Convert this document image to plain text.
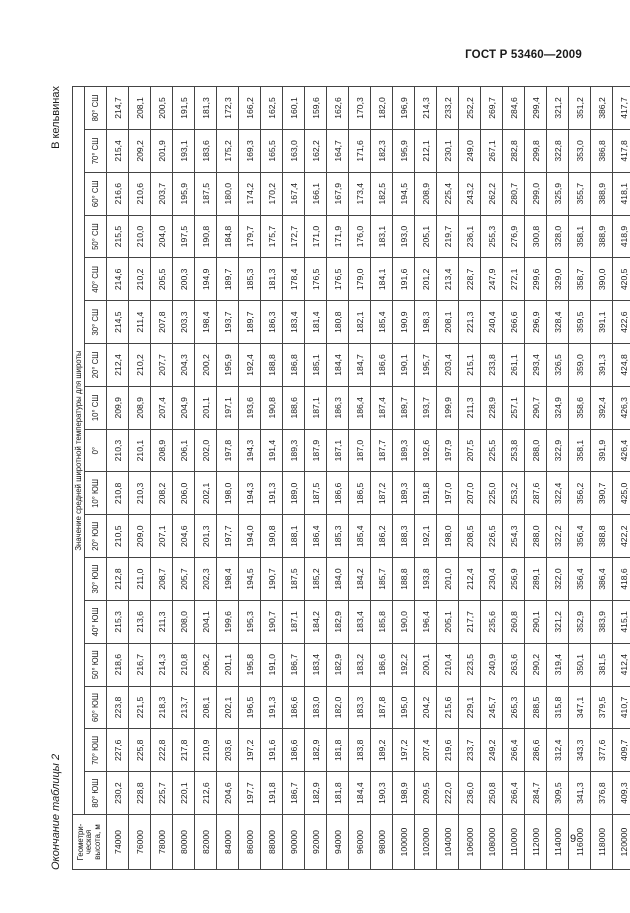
ГОСТ Р 53460—2009
Окончание таблицы 2
В кельвинах
Геометри-ческая высота, м	Значение средней широтной температуры для широты																
	80° ЮШ	70° ЮШ	60° ЮШ	50° ЮШ	40° ЮШ	30° ЮШ	20° ЮШ	10° ЮШ	0°	10° СШ	20° СШ	30° СШ	40° СШ	50° СШ	60° СШ	70° СШ	80° СШ
74000	230,2	227,6	223,8	218,6	215,3	212,8	210,5	210,8	210,3	209,9	212,4	214,5	214,6	215,5	216,6	215,4	214,7
76000	228,8	225,8	221,5	216,7	213,6	211,0	209,0	210,3	210,1	208,9	210,2	211,4	210,2	210,0	210,6	209,2	208,1
78000	225,7	222,8	218,3	214,3	211,3	208,7	207,1	208,2	208,9	207,4	207,7	207,8	205,5	204,0	203,7	201,9	200,5
80000	220,1	217,8	213,7	210,8	208,0	205,7	204,6	206,0	206,1	204,9	204,3	203,3	200,3	197,5	195,9	193,1	191,5
82000	212,6	210,9	208,1	206,2	204,1	202,3	201,3	202,1	202,0	201,1	200,2	198,4	194,9	190,8	187,5	183,6	181,3
84000	204,6	203,6	202,1	201,1	199,6	198,4	197,7	198,0	197,8	197,1	195,9	193,7	189,7	184,8	180,0	175,2	172,3
86000	197,7	197,2	196,5	195,8	195,3	194,5	194,0	194,3	194,3	193,6	192,4	189,7	185,3	179,7	174,2	169,3	166,2
88000	191,8	191,6	191,3	191,0	190,7	190,7	190,8	191,3	191,4	190,8	188,8	186,3	181,3	175,7	170,2	165,5	162,5
90000	186,7	186,6	186,6	186,7	187,1	187,5	188,1	189,0	189,3	188,6	186,8	183,4	178,4	172,7	167,4	163,0	160,1
92000	182,9	182,9	183,0	183,4	184,2	185,2	186,4	187,5	187,9	187,1	185,1	181,4	176,5	171,0	166,1	162,2	159,6
94000	181,8	181,8	182,0	182,9	182,9	184,0	185,3	186,6	187,1	186,3	184,4	180,8	176,5	171,9	167,9	164,7	162,6
96000	184,4	183,8	183,3	183,2	183,4	184,2	185,4	186,5	187,0	186,4	184,7	182,1	179,0	176,0	173,4	171,6	170,3
98000	190,3	189,2	187,8	186,6	185,8	185,7	186,2	187,2	187,7	187,4	186,6	185,4	184,1	183,1	182,5	182,3	182,0
100000	198,9	197,2	195,0	192,2	190,0	188,8	188,3	189,3	189,3	189,7	190,1	190,9	191,6	193,0	194,5	195,9	196,9
102000	209,5	207,4	204,2	200,1	196,4	193,8	192,1	191,8	192,6	193,7	195,7	198,3	201,2	205,1	208,9	212,1	214,3
104000	222,0	219,6	215,6	210,4	205,1	201,0	198,0	197,0	197,9	199,9	203,4	208,1	213,4	219,7	225,4	230,1	233,2
106000	236,0	233,7	229,1	223,5	217,7	212,4	208,5	207,0	207,5	211,3	215,1	221,3	228,7	236,1	243,2	249,0	252,2
108000	250,8	249,2	245,7	240,9	235,6	230,4	226,5	225,0	225,5	228,9	233,8	240,4	247,9	255,3	262,2	267,1	269,7
110000	266,4	266,4	265,3	263,6	260,8	256,9	254,3	253,2	253,8	257,1	261,1	266,6	272,1	276,9	280,7	282,8	284,6
112000	284,7	286,6	288,5	290,2	290,1	289,1	288,0	287,6	288,0	290,7	293,4	296,9	299,6	300,8	299,0	299,8	299,4
114000	309,5	312,4	315,8	319,4	321,2	322,0	322,2	322,4	322,9	324,9	326,5	328,4	329,0	328,0	325,9	322,8	321,2
116000	341,3	343,3	347,1	350,1	352,9	356,4	356,4	356,2	358,1	358,6	359,0	359,5	358,7	358,1	355,7	353,0	351,2
118000	376,8	377,6	379,5	381,5	383,9	386,4	388,8	390,7	391,9	392,4	391,3	391,1	390,0	388,9	388,9	386,8	386,2
120000	409,3	409,7	410,7	412,4	415,1	418,6	422,2	425,0	426,4	426,3	424,8	422,6	420,5	418,9	418,1	417,8	417,7
9
